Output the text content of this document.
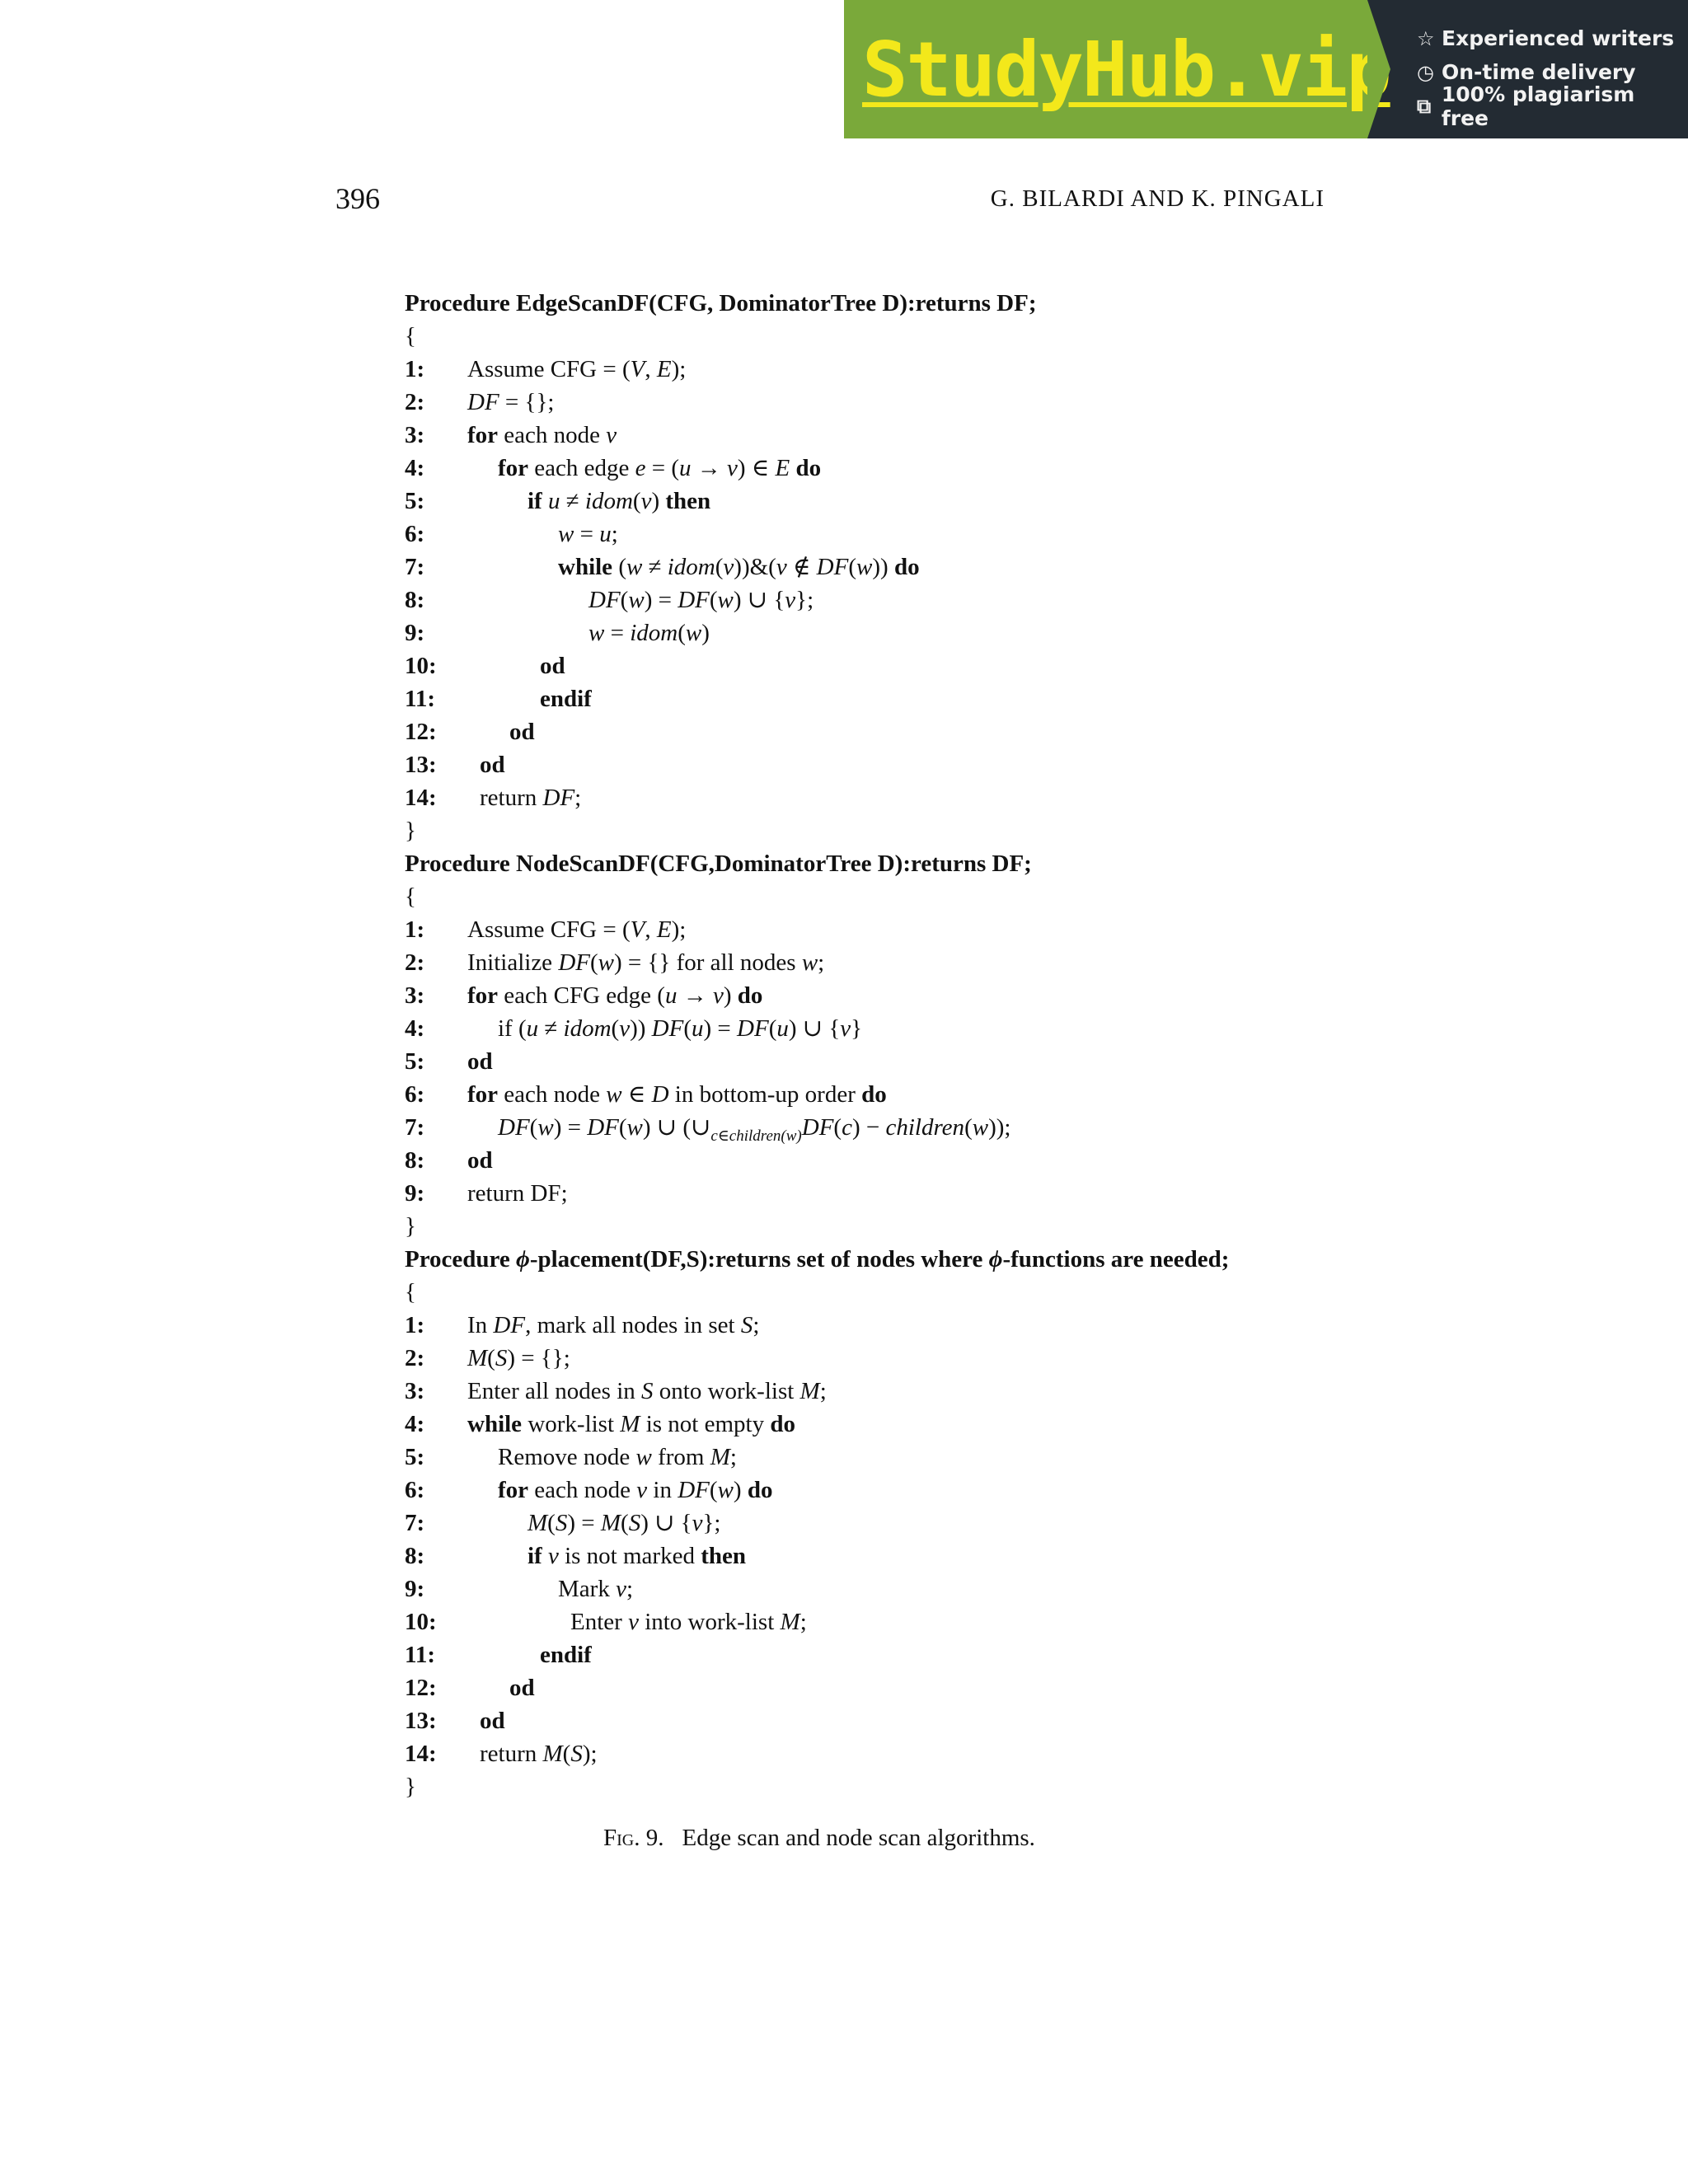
StudyHub.vip ☆ Experienced writers
◷ On-time delivery
⧉ 100% plagiarism free
396	G. BILARDI AND K. PINGALI
Procedure EdgeScanDF(CFG, DominatorTree D):returns DF;
{
1: Assume CFG = (V, E);
2: DF = {};
3: for each node v
4:	for each edge e = (u → v) ∈ E do
5:	if u ≠ idom(v) then
6:	w = u;
7:	while (w ≠ idom(v))&(v ∉ DF(w)) do
8:	DF(w) = DF(w) ∪ {v};
9:	w = idom(w)
10:	od
11:	endif
12:	od
13: od
14: return DF;
}
Procedure NodeScanDF(CFG,DominatorTree D):returns DF;
{
1: Assume CFG = (V, E);
2: Initialize DF(w) = {} for all nodes w;
3: for each CFG edge (u → v) do
4:	if (u ≠ idom(v)) DF(u) = DF(u) ∪ {v}
5: od
6: for each node w ∈ D in bottom-up order do
7:	DF(w) = DF(w) ∪ ($\cup_{c\in children(w)}DF(c)$ − children(w));
8: od
9: return DF;
}
Procedure ϕ-placement(DF,S):returns set of nodes where ϕ-functions are needed;
{
1: In DF, mark all nodes in set S;
2: M(S) = {};
3: Enter all nodes in S onto work-list M;
4: while work-list M is not empty do
5:	Remove node w from M;
6:	for each node v in DF(w) do
7:	M(S) = M(S) ∪ {v};
8:	if v is not marked then
9:	Mark v;
10:	Enter v into work-list M;
11:	endif
12:	od
13: od
14: return M(S);
}
Fig. 9. Edge scan and node scan algorithms.
